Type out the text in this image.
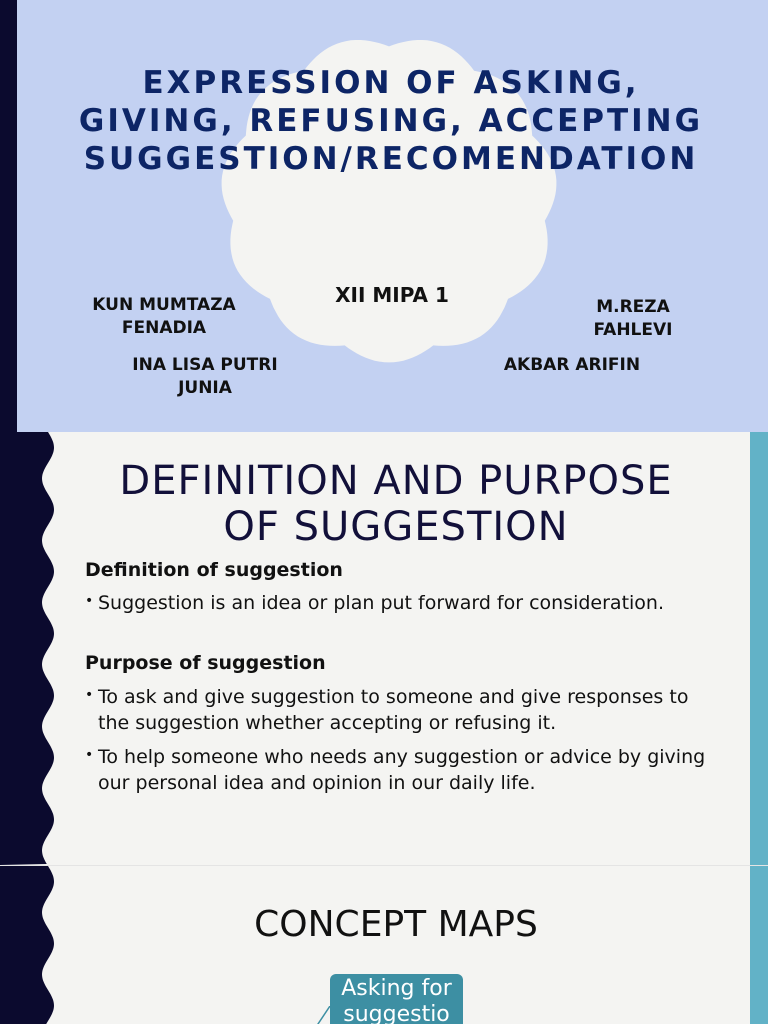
EXPRESSION OF ASKING,
GIVING, REFUSING, ACCEPTING
SUGGESTION/RECOMENDATION
XII MIPA 1
KUN MUMTAZA
FENADIA
INA LISA PUTRI
JUNIA
M.REZA
FAHLEVI
AKBAR ARIFIN
DEFINITION AND PURPOSE
OF SUGGESTION
Definition of suggestion
• Suggestion is an idea or plan put forward for consideration.
Purpose of suggestion
• To ask and give suggestion to someone and give responses to the suggestion whether accepting or refusing it.
• To help someone who needs any suggestion or advice by giving our personal idea and opinion in our daily life.
CONCEPT MAPS
Asking for
suggestio
